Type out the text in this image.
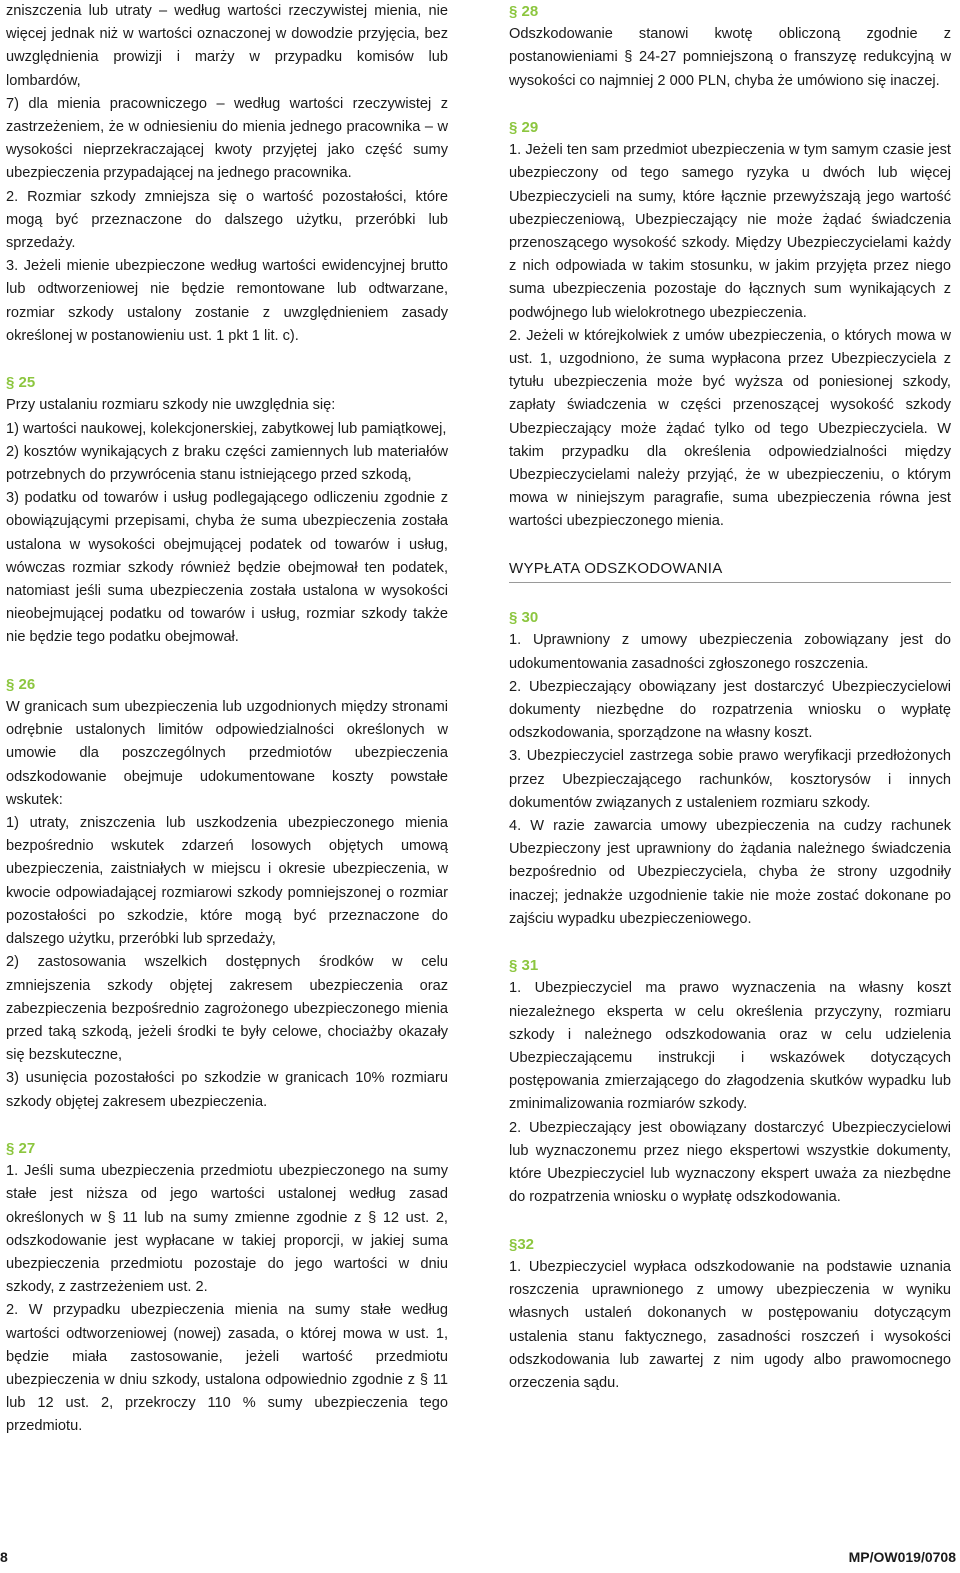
zniszczenia lub utraty – według wartości rzeczywistej mienia, nie więcej jednak niż w wartości oznaczonej w dowodzie przyjęcia, bez uwzględnienia prowizji i marży w przypadku komisów lub lombardów,

7) dla mienia pracowniczego – według wartości rzeczywistej z zastrzeżeniem, że w odniesieniu do mienia jednego pracownika – w wysokości nieprzekraczającej kwoty przyjętej jako część sumy ubezpieczenia przypadającej na jednego pracownika.

2. Rozmiar szkody zmniejsza się o wartość pozostałości, które mogą być przeznaczone do dalszego użytku, przeróbki lub sprzedaży.

3. Jeżeli mienie ubezpieczone według wartości ewidencyjnej brutto lub odtworzeniowej nie będzie remontowane lub odtwarzane, rozmiar szkody ustalony zostanie z uwzględnieniem zasady określonej w postanowieniu ust. 1 pkt 1 lit. c).

§ 25

Przy ustalaniu rozmiaru szkody nie uwzględnia się:

1) wartości naukowej, kolekcjonerskiej, zabytkowej lub pamiątkowej,

2) kosztów wynikających z braku części zamiennych lub materiałów potrzebnych do przywrócenia stanu istniejącego przed szkodą,

3) podatku od towarów i usług podlegającego odliczeniu zgodnie z obowiązującymi przepisami, chyba że suma ubezpieczenia została ustalona w wysokości obejmującej podatek od towarów i usług, wówczas rozmiar szkody również będzie obejmował ten podatek, natomiast jeśli suma ubezpieczenia została ustalona w wysokości nieobejmującej podatku od towarów i usług, rozmiar szkody także nie będzie tego podatku obejmował.

§ 26

W granicach sum ubezpieczenia lub uzgodnionych między stronami odrębnie ustalonych limitów odpowiedzialności określonych w umowie dla poszczególnych przedmiotów ubezpieczenia odszkodowanie obejmuje udokumentowane koszty powstałe wskutek:

1) utraty, zniszczenia lub uszkodzenia ubezpieczonego mienia bezpośrednio wskutek zdarzeń losowych objętych umową ubezpieczenia, zaistniałych w miejscu i okresie ubezpieczenia, w kwocie odpowiadającej rozmiarowi szkody pomniejszonej o rozmiar pozostałości po szkodzie, które mogą być przeznaczone do dalszego użytku, przeróbki lub sprzedaży,

2) zastosowania wszelkich dostępnych środków w celu zmniejszenia szkody objętej zakresem ubezpieczenia oraz zabezpieczenia bezpośrednio zagrożonego ubezpieczonego mienia przed taką szkodą, jeżeli środki te były celowe, chociażby okazały się bezskuteczne,

3) usunięcia pozostałości po szkodzie w granicach 10% rozmiaru szkody objętej zakresem ubezpieczenia.

§ 27

1. Jeśli suma ubezpieczenia przedmiotu ubezpieczonego na sumy stałe jest niższa od jego wartości ustalonej według zasad określonych w § 11 lub na sumy zmienne zgodnie z § 12 ust. 2, odszkodowanie jest wypłacane w takiej proporcji, w jakiej suma ubezpieczenia przedmiotu pozostaje do jego wartości w dniu szkody, z zastrzeżeniem ust. 2.

2. W przypadku ubezpieczenia mienia na sumy stałe według wartości odtworzeniowej (nowej) zasada, o której mowa w ust. 1, będzie miała zastosowanie, jeżeli wartość przedmiotu ubezpieczenia w dniu szkody, ustalona odpowiednio zgodnie z § 11 lub 12 ust. 2, przekroczy 110 % sumy ubezpieczenia tego przedmiotu.

§ 28

Odszkodowanie stanowi kwotę obliczoną zgodnie z postanowieniami § 24-27 pomniejszoną o franszyzę redukcyjną w wysokości co najmniej 2 000 PLN, chyba że umówiono się inaczej.

§ 29

1. Jeżeli ten sam przedmiot ubezpieczenia w tym samym czasie jest ubezpieczony od tego samego ryzyka u dwóch lub więcej Ubezpieczycieli na sumy, które łącznie przewyższają jego wartość ubezpieczeniową, Ubezpieczający nie może żądać świadczenia przenoszącego wysokość szkody. Między Ubezpieczycielami każdy z nich odpowiada w takim stosunku, w jakim przyjęta przez niego suma ubezpieczenia pozostaje do łącznych sum wynikających z podwójnego lub wielokrotnego ubezpieczenia.

2. Jeżeli w którejkolwiek z umów ubezpieczenia, o których mowa w ust. 1, uzgodniono, że suma wypłacona przez Ubezpieczyciela z tytułu ubezpieczenia może być wyższa od poniesionej szkody, zapłaty świadczenia w części przenoszącej wysokość szkody Ubezpieczający może żądać tylko od tego Ubezpieczyciela. W takim przypadku dla określenia odpowiedzialności między Ubezpieczycielami należy przyjąć, że w ubezpieczeniu, o którym mowa w niniejszym paragrafie, suma ubezpieczenia równa jest wartości ubezpieczonego mienia.

WYPŁATA ODSZKODOWANIA

§ 30

1. Uprawniony z umowy ubezpieczenia zobowiązany jest do udokumentowania zasadności zgłoszonego roszczenia.

2. Ubezpieczający obowiązany jest dostarczyć Ubezpieczycielowi dokumenty niezbędne do rozpatrzenia wniosku o wypłatę odszkodowania, sporządzone na własny koszt.

3. Ubezpieczyciel zastrzega sobie prawo weryfikacji przedłożonych przez Ubezpieczającego rachunków, kosztorysów i innych dokumentów związanych z ustaleniem rozmiaru szkody.

4. W razie zawarcia umowy ubezpieczenia na cudzy rachunek Ubezpieczony jest uprawniony do żądania należnego świadczenia bezpośrednio od Ubezpieczyciela, chyba że strony uzgodniły inaczej; jednakże uzgodnienie takie nie może zostać dokonane po zajściu wypadku ubezpieczeniowego.

§ 31

1. Ubezpieczyciel ma prawo wyznaczenia na własny koszt niezależnego eksperta w celu określenia przyczyny, rozmiaru szkody i należnego odszkodowania oraz w celu udzielenia Ubezpieczającemu instrukcji i wskazówek dotyczących postępowania zmierzającego do złagodzenia skutków wypadku lub zminimalizowania rozmiarów szkody.

2. Ubezpieczający jest obowiązany dostarczyć Ubezpieczycielowi lub wyznaczonemu przez niego ekspertowi wszystkie dokumenty, które Ubezpieczyciel lub wyznaczony ekspert uważa za niezbędne do rozpatrzenia wniosku o wypłatę odszkodowania.

§32

1. Ubezpieczyciel wypłaca odszkodowanie na podstawie uznania roszczenia uprawnionego z umowy ubezpieczenia w wyniku własnych ustaleń dokonanych w postępowaniu dotyczącym ustalenia stanu faktycznego, zasadności roszczeń i wysokości odszkodowania lub zawartej z nim ugody albo prawomocnego orzeczenia sądu.

8	MP/OW019/0708
